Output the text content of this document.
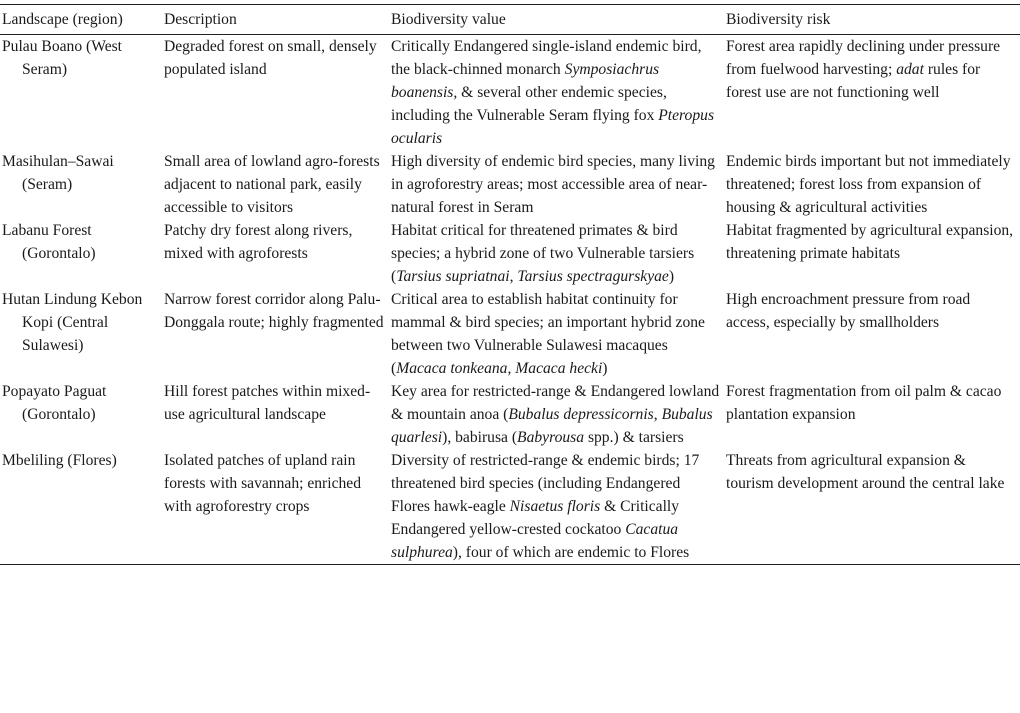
Landscape (region)	Description	Biodiversity value	Biodiversity risk
Pulau Boano (West Seram)	Degraded forest on small, densely populated island	Critically Endangered single-island endemic bird, the black-chinned monarch Symposiachrus boanensis, & several other endemic species, including the Vulnerable Seram flying fox Pteropus ocularis	Forest area rapidly declining under pressure from fuelwood harvesting; adat rules for forest use are not functioning well
Masihulan–Sawai (Seram)	Small area of lowland agro-forests adjacent to national park, easily accessible to visitors	High diversity of endemic bird species, many living in agroforestry areas; most accessible area of near-natural forest in Seram	Endemic birds important but not immediately threatened; forest loss from expansion of housing & agricultural activities
Labanu Forest (Gorontalo)	Patchy dry forest along rivers, mixed with agroforests	Habitat critical for threatened primates & bird species; a hybrid zone of two Vulnerable tarsiers (Tarsius supriatnai, Tarsius spectragurskyae)	Habitat fragmented by agricultural expansion, threatening primate habitats
Hutan Lindung Kebon Kopi (Central Sulawesi)	Narrow forest corridor along Palu-Donggala route; highly fragmented	Critical area to establish habitat continuity for mammal & bird species; an important hybrid zone between two Vulnerable Sulawesi macaques (Macaca tonkeana, Macaca hecki)	High encroachment pressure from road access, especially by smallholders
Popayato Paguat (Gorontalo)	Hill forest patches within mixed-use agricultural landscape	Key area for restricted-range & Endangered lowland & mountain anoa (Bubalus depressicornis, Bubalus quarlesi), babirusa (Babyrousa spp.) & tarsiers	Forest fragmentation from oil palm & cacao plantation expansion
Mbeliling (Flores)	Isolated patches of upland rain forests with savannah; enriched with agroforestry crops	Diversity of restricted-range & endemic birds; 17 threatened bird species (including Endangered Flores hawk-eagle Nisaetus floris & Critically Endangered yellow-crested cockatoo Cacatua sulphurea), four of which are endemic to Flores	Threats from agricultural expansion & tourism development around the central lake
